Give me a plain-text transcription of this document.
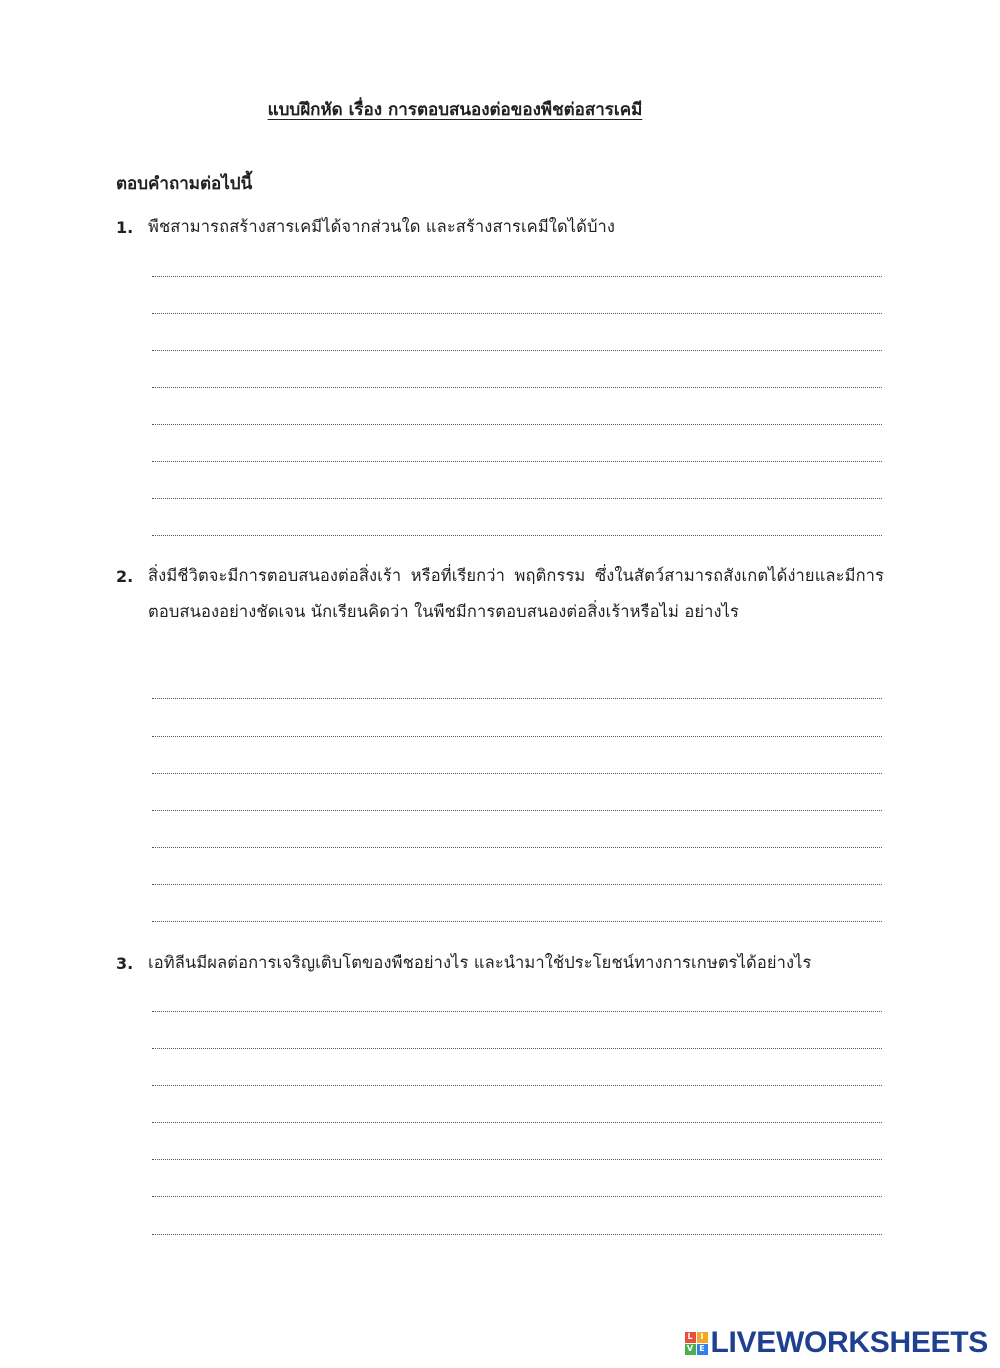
แบบฝึกหัด เรื่อง การตอบสนองต่อของพืชต่อสารเคมี
ตอบคำถามต่อไปนี้
1. พืชสามารถสร้างสารเคมีได้จากส่วนใด และสร้างสารเคมีใดได้บ้าง
2. สิ่งมีชีวิตจะมีการตอบสนองต่อสิ่งเร้า หรือที่เรียกว่า พฤติกรรม ซึ่งในสัตว์สามารถสังเกตได้ง่ายและมีการตอบสนองอย่างชัดเจน นักเรียนคิดว่า ในพืชมีการตอบสนองต่อสิ่งเร้าหรือไม่ อย่างไร
3. เอทิลีนมีผลต่อการเจริญเติบโตของพืชอย่างไร และนำมาใช้ประโยชน์ทางการเกษตรได้อย่างไร
L I
V E LIVEWORKSHEETS
